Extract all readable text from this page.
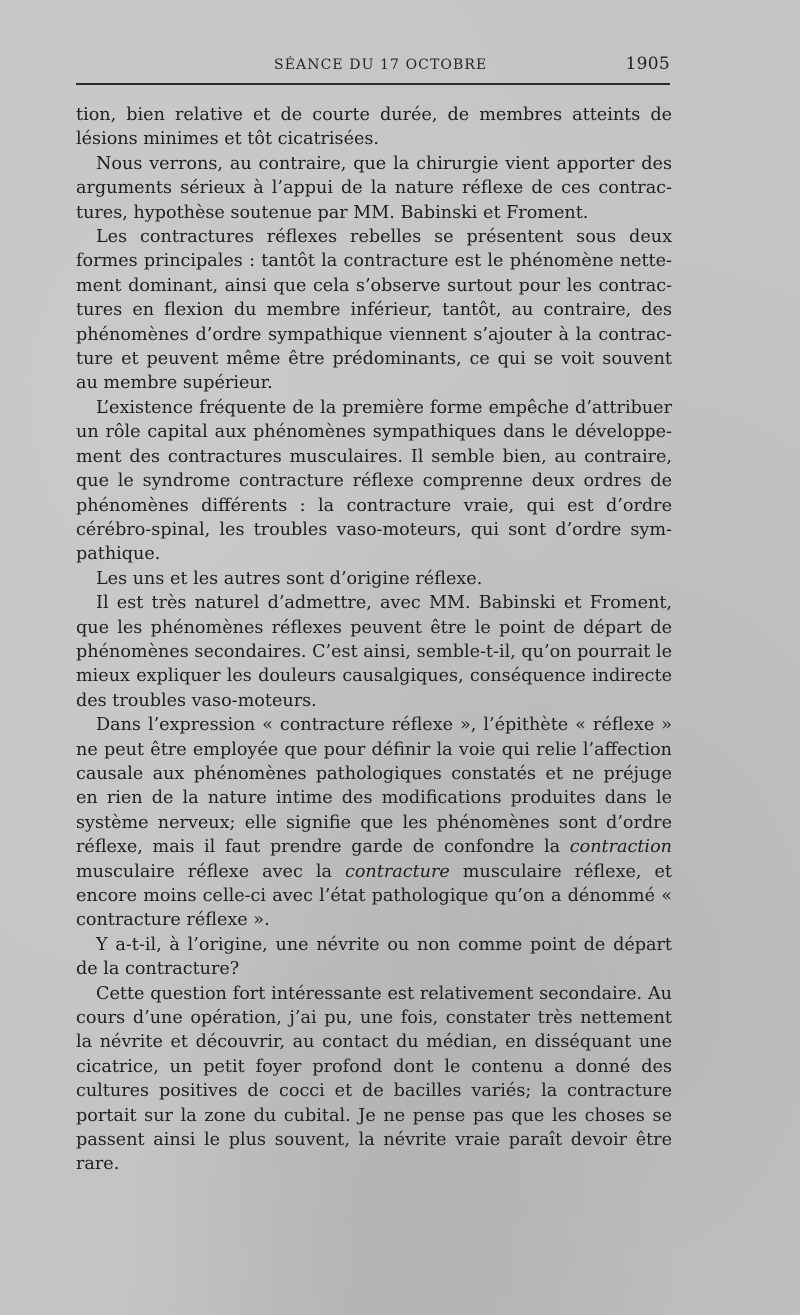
SÉANCE DU 17 OCTOBRE	1905

tion, bien relative et de courte durée, de membres atteints de lésions minimes et tôt cicatrisées.

Nous verrons, au contraire, que la chirurgie vient apporter des arguments sérieux à l’appui de la nature réflexe de ces contractures, hypothèse soutenue par MM. Babinski et Froment.

Les contractures réflexes rebelles se présentent sous deux formes principales : tantôt la contracture est le phénomène nettement dominant, ainsi que cela s’observe surtout pour les contractures en flexion du membre inférieur, tantôt, au contraire, des phénomènes d’ordre sympathique viennent s’ajouter à la contracture et peuvent même être prédominants, ce qui se voit souvent au membre supérieur.

L’existence fréquente de la première forme empêche d’attribuer un rôle capital aux phénomènes sympathiques dans le développement des contractures musculaires. Il semble bien, au contraire, que le syndrome contracture réflexe comprenne deux ordres de phénomènes différents : la contracture vraie, qui est d’ordre cérébro-spinal, les troubles vaso-moteurs, qui sont d’ordre sympathique.

Les uns et les autres sont d’origine réflexe.

Il est très naturel d’admettre, avec MM. Babinski et Froment, que les phénomènes réflexes peuvent être le point de départ de phénomènes secondaires. C’est ainsi, semble-t-il, qu’on pourrait le mieux expliquer les douleurs causalgiques, conséquence indirecte des troubles vaso-moteurs.

Dans l’expression « contracture réflexe », l’épithète « réflexe » ne peut être employée que pour définir la voie qui relie l’affection causale aux phénomènes pathologiques constatés et ne préjuge en rien de la nature intime des modifications produites dans le système nerveux; elle signifie que les phénomènes sont d’ordre réflexe, mais il faut prendre garde de confondre la contraction musculaire réflexe avec la contracture musculaire réflexe, et encore moins celle-ci avec l’état pathologique qu’on a dénommé « contracture réflexe ».

Y a-t-il, à l’origine, une névrite ou non comme point de départ de la contracture?

Cette question fort intéressante est relativement secondaire. Au cours d’une opération, j’ai pu, une fois, constater très nettement la névrite et découvrir, au contact du médian, en disséquant une cicatrice, un petit foyer profond dont le contenu a donné des cultures positives de cocci et de bacilles variés; la contracture portait sur la zone du cubital. Je ne pense pas que les choses se passent ainsi le plus souvent, la névrite vraie paraît devoir être rare.
